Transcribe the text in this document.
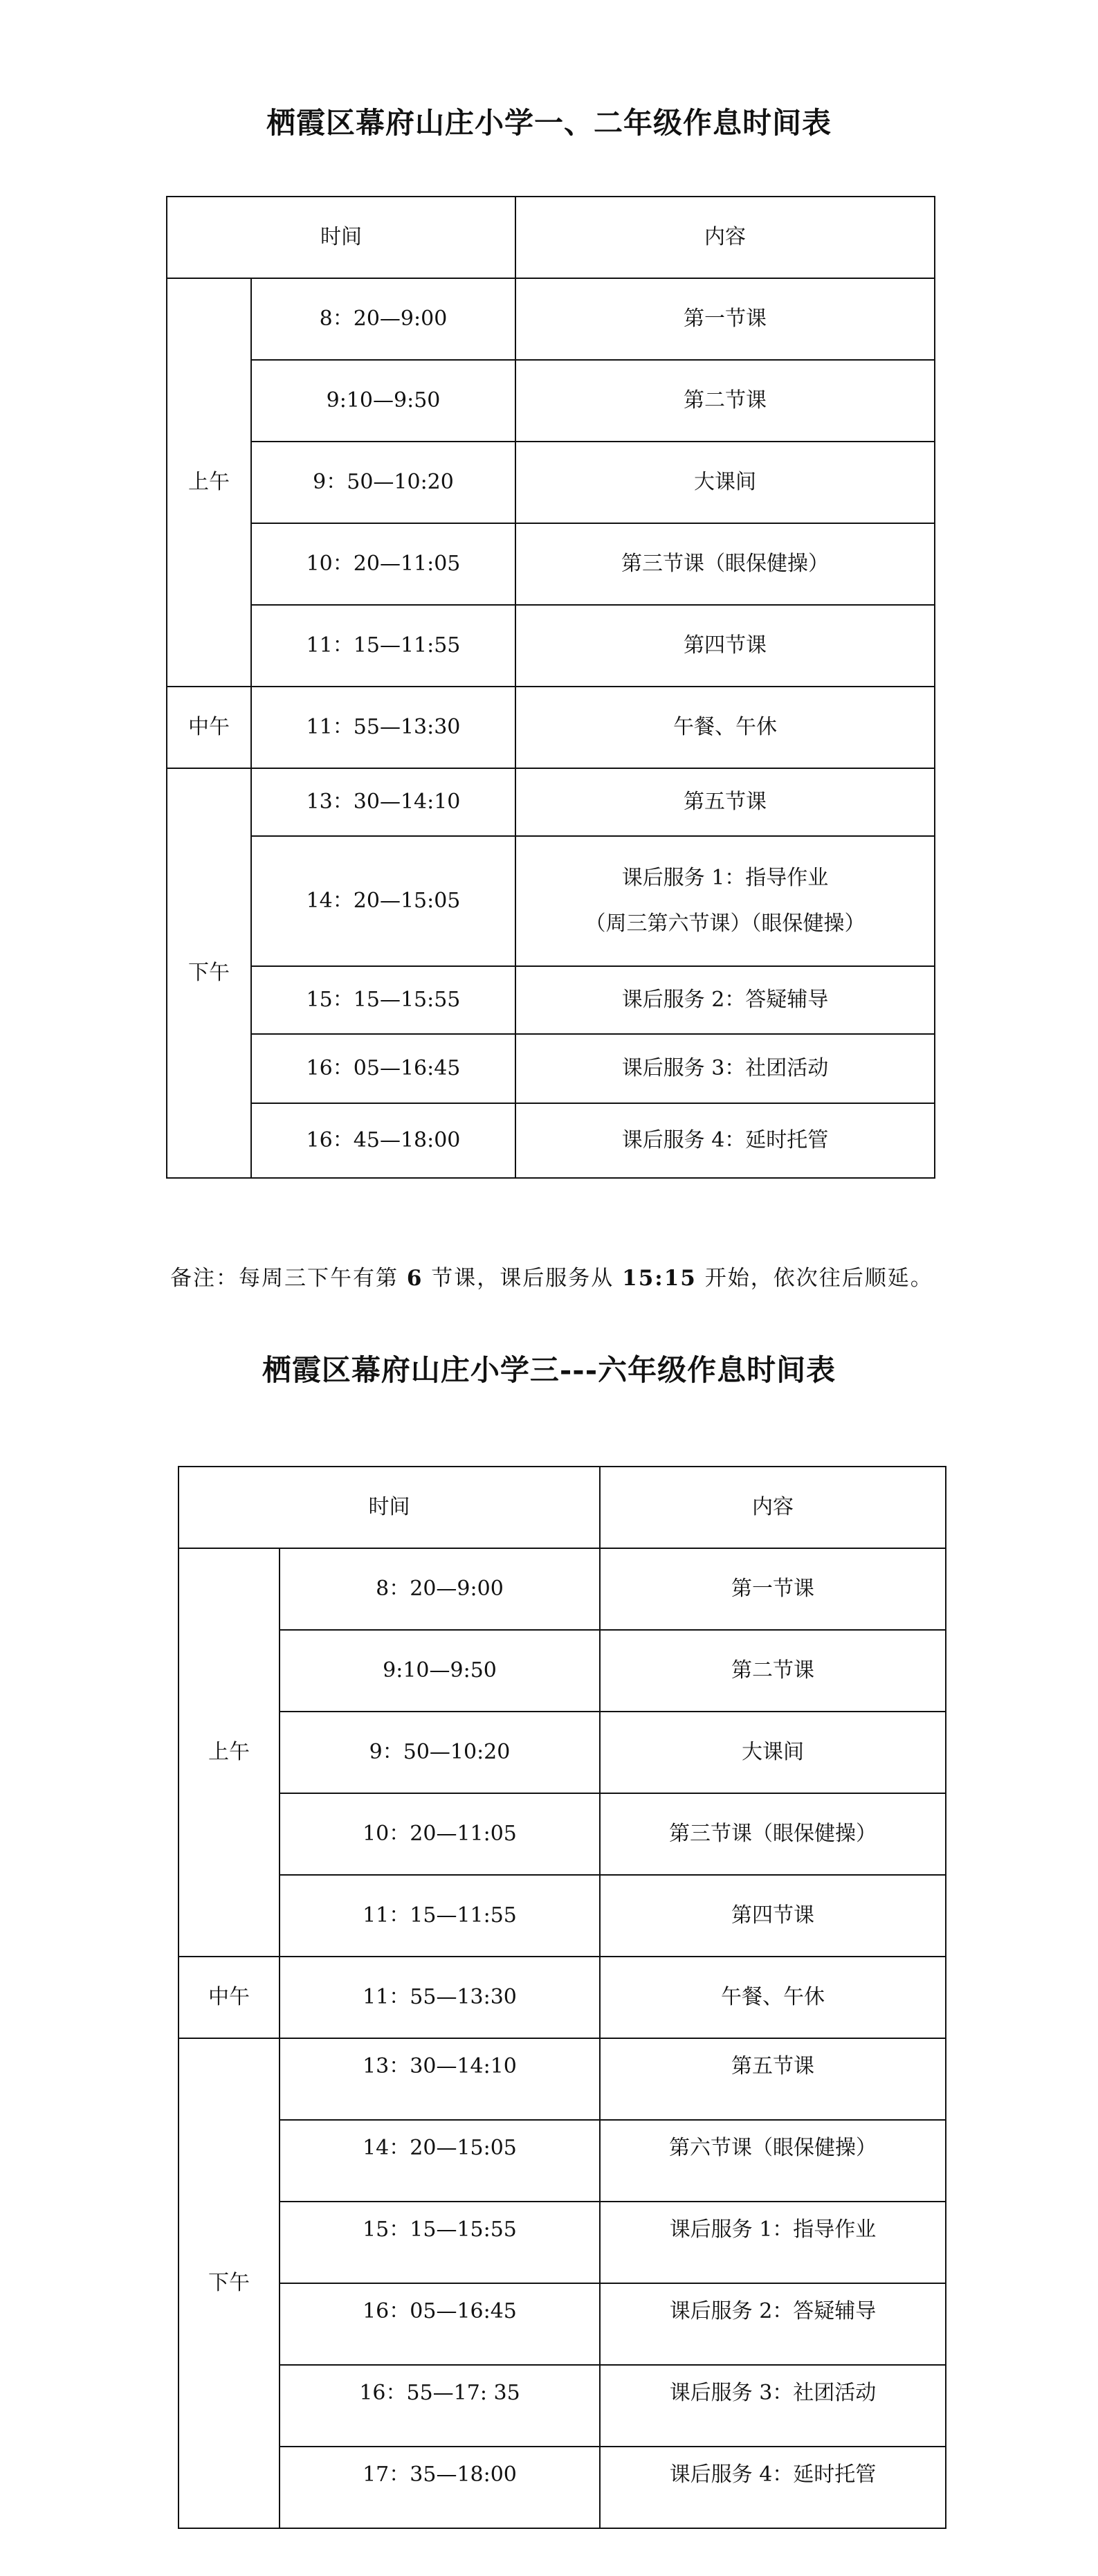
栖霞区幕府山庄小学一、二年级作息时间表
时间		内容
上午	8：20—9:00	第一节课
	9:10—9:50	第二节课
	9：50—10:20	大课间
	10：20—11:05	第三节课（眼保健操）
	11：15—11:55	第四节课
中午	11：55—13:30	午餐、午休
下午	13：30—14:10	第五节课
	14：20—15:05	课后服务 1：指导作业
（周三第六节课）（眼保健操）

	15：15—15:55	课后服务 2：答疑辅导
	16：05—16:45	课后服务 3：社团活动
	16：45—18:00	课后服务 4：延时托管

备注：每周三下午有第 6 节课，课后服务从 15:15 开始，依次往后顺延。

栖霞区幕府山庄小学三---六年级作息时间表
时间		内容
上午	8：20—9:00	第一节课
	9:10—9:50	第二节课
	9：50—10:20	大课间
	10：20—11:05	第三节课（眼保健操）
	11：15—11:55	第四节课
中午	11：55—13:30	午餐、午休
下午	13：30—14:10	第五节课
	14：20—15:05	第六节课（眼保健操）
	15：15—15:55	课后服务 1：指导作业
	16：05—16:45	课后服务 2：答疑辅导
	16：55—17: 35	课后服务 3：社团活动
	17：35—18:00	课后服务 4：延时托管
